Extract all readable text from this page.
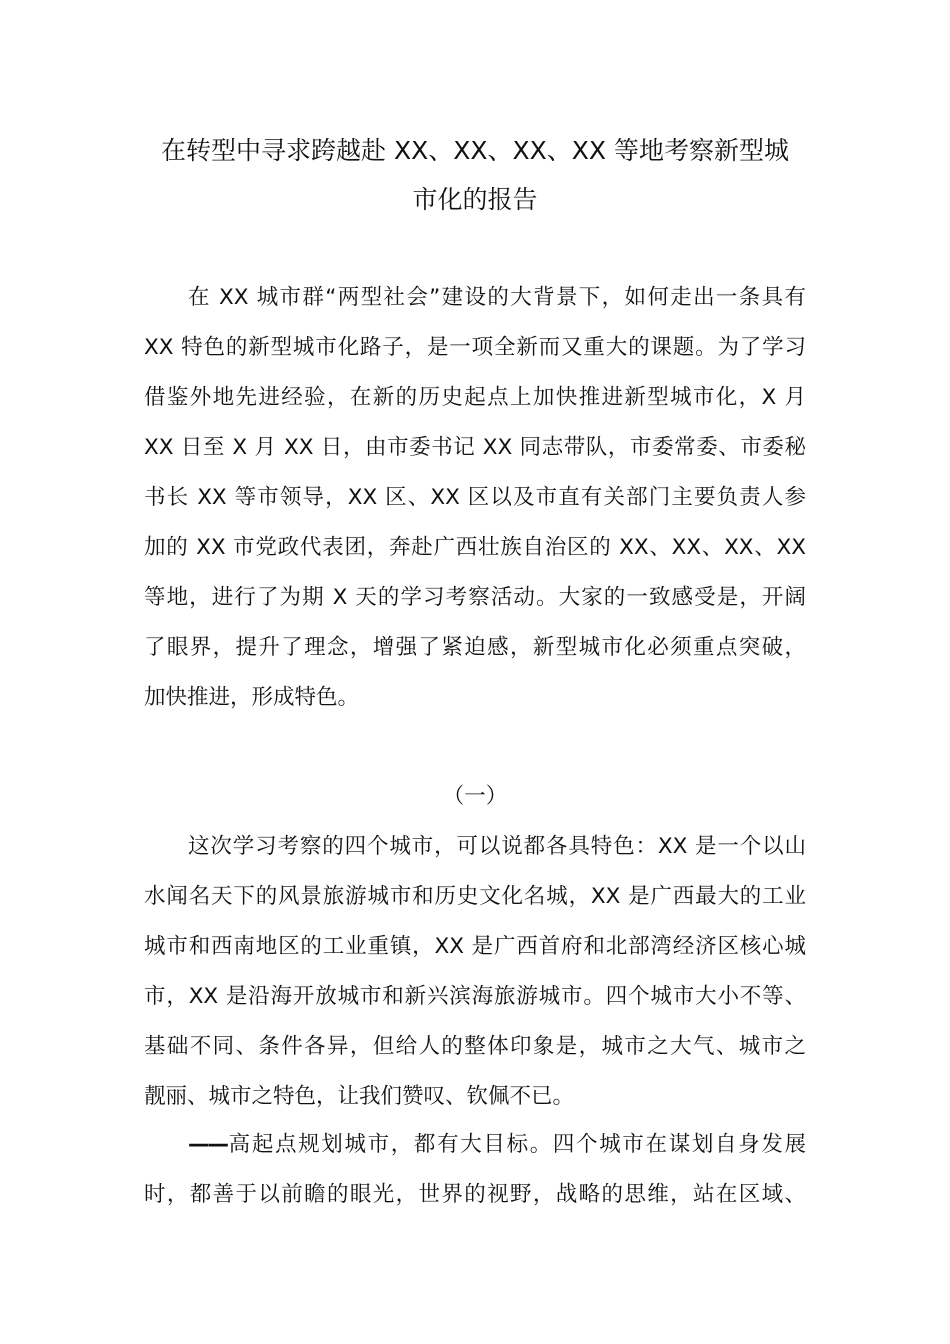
在转型中寻求跨越赴 XX、XX、XX、XX 等地考察新型城
市化的报告
在 XX 城市群“两型社会”建设的大背景下，如何走出一条具有
XX 特色的新型城市化路子，是一项全新而又重大的课题。为了学习
借鉴外地先进经验，在新的历史起点上加快推进新型城市化，X 月
XX 日至 X 月 XX 日，由市委书记 XX 同志带队，市委常委、市委秘
书长 XX 等市领导，XX 区、XX 区以及市直有关部门主要负责人参
加的 XX 市党政代表团，奔赴广西壮族自治区的 XX、XX、XX、XX
等地，进行了为期 X 天的学习考察活动。大家的一致感受是，开阔
了眼界，提升了理念，增强了紧迫感，新型城市化必须重点突破，
加快推进，形成特色。
（一）
这次学习考察的四个城市，可以说都各具特色：XX 是一个以山
水闻名天下的风景旅游城市和历史文化名城，XX 是广西最大的工业
城市和西南地区的工业重镇，XX 是广西首府和北部湾经济区核心城
市，XX 是沿海开放城市和新兴滨海旅游城市。四个城市大小不等、
基础不同、条件各异，但给人的整体印象是，城市之大气、城市之
靓丽、城市之特色，让我们赞叹、钦佩不已。
——高起点规划城市，都有大目标。四个城市在谋划自身发展
时，都善于以前瞻的眼光，世界的视野，战略的思维，站在区域、
